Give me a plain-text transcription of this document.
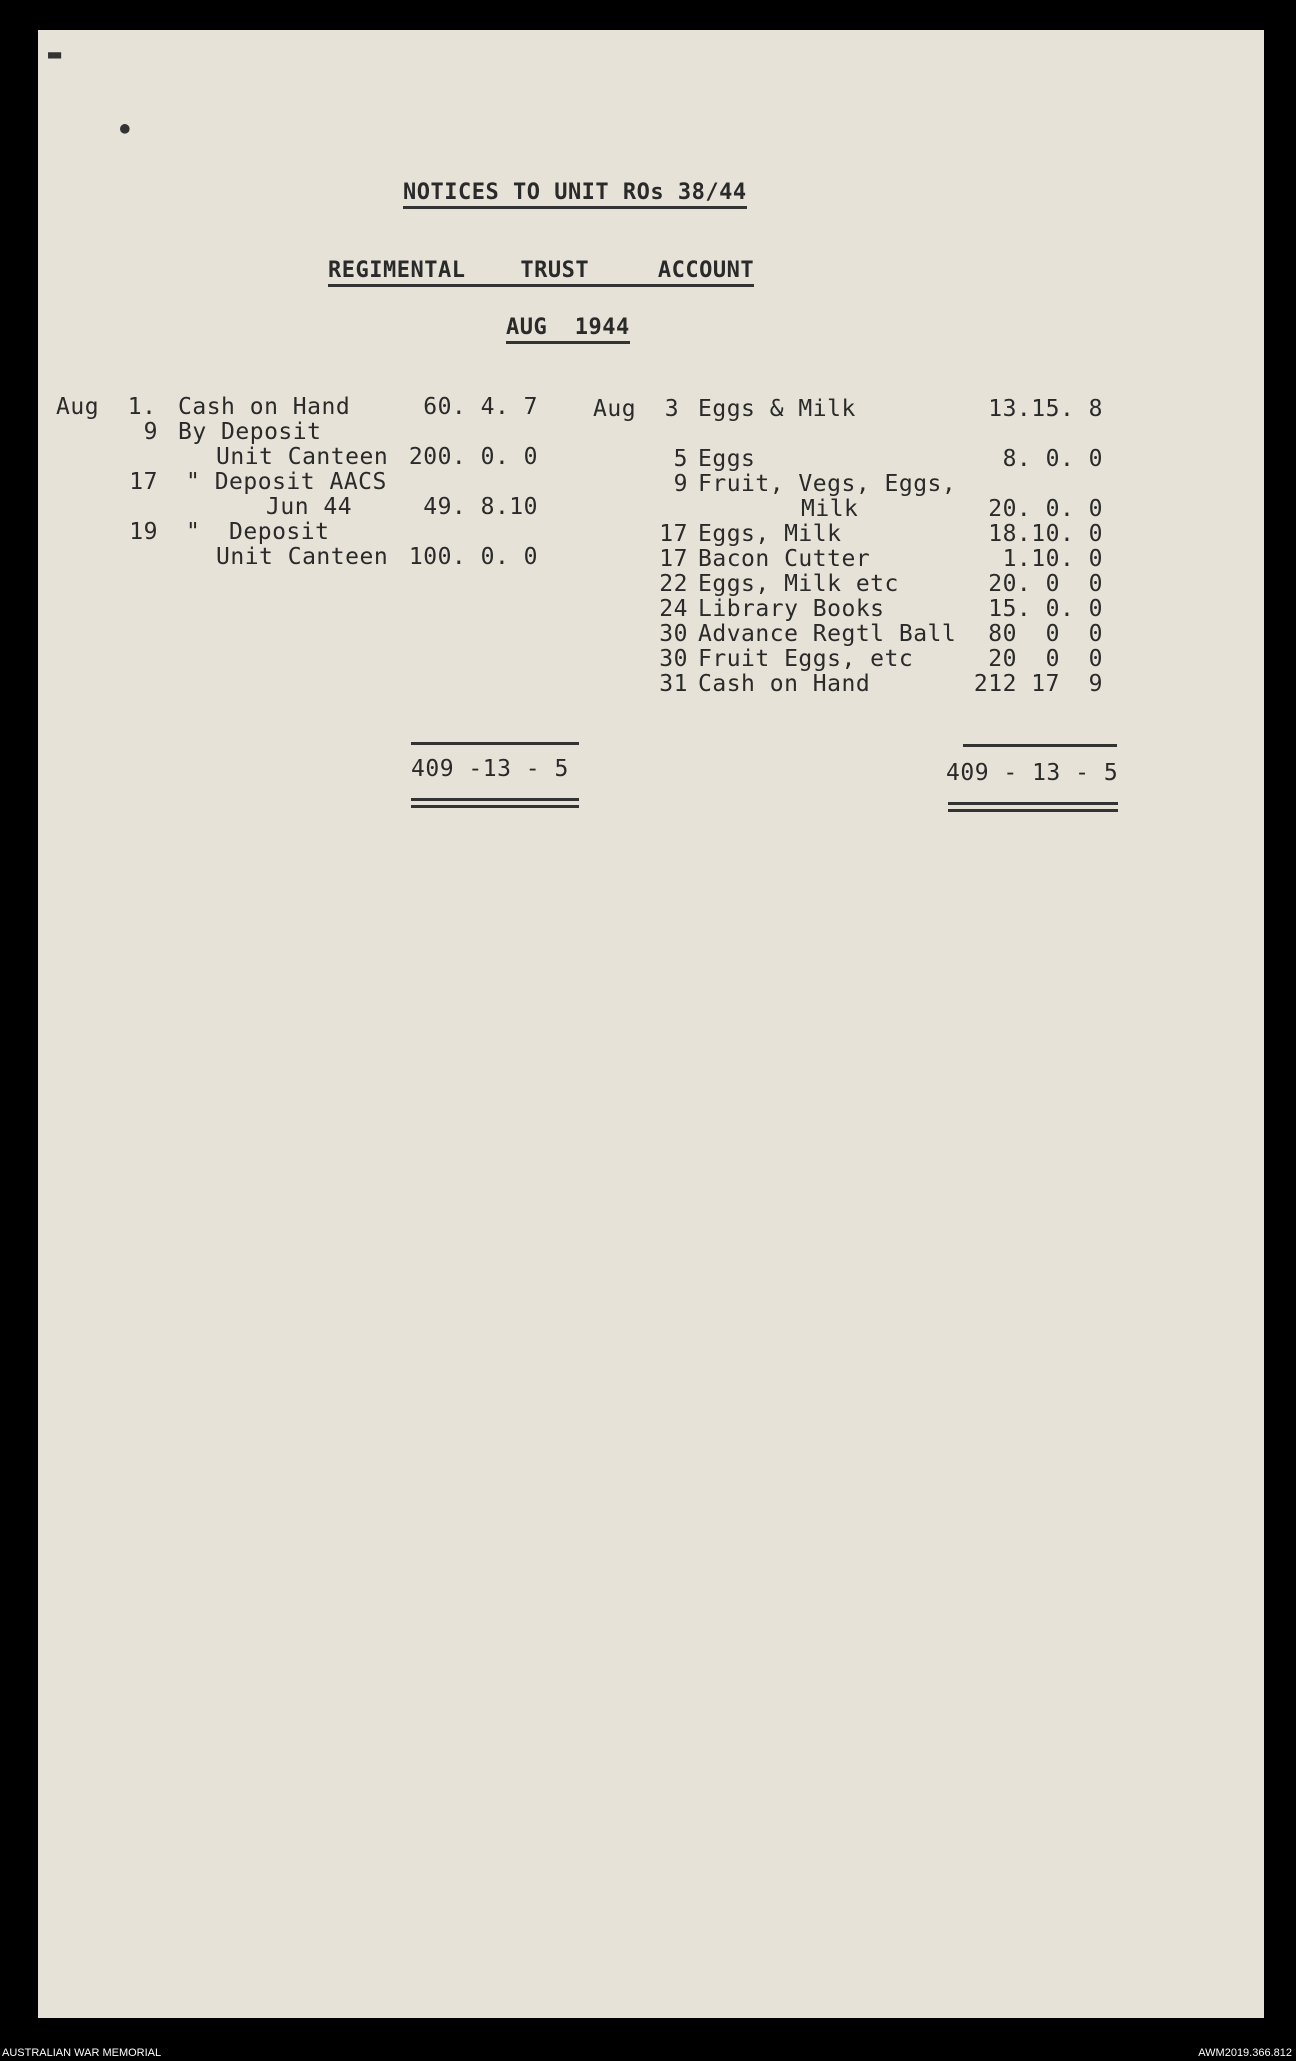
▬
●
NOTICES TO UNIT ROs 38/44
REGIMENTAL    TRUST     ACCOUNT
AUG  1944
Aug  1. Cash on Hand	60. 4. 7
9 By Deposit
Unit Canteen 200. 0. 0
17 " Deposit AACS
Jun 44	49. 8.10
19 "  Deposit
Unit Canteen 100. 0. 0
Aug  3 Eggs & Milk	13.15. 8
5 Eggs	8. 0. 0
9 Fruit, Vegs, Eggs,
Milk	20. 0. 0
17 Eggs, Milk	18.10. 0
17 Bacon Cutter	1.10. 0
22 Eggs, Milk etc	20. 0  0
24 Library Books	15. 0. 0
30 Advance Regtl Ball	80  0  0
30 Fruit Eggs, etc	20  0  0
31 Cash on Hand	212 17  9
409 -13 - 5	409 - 13 - 5
AUSTRALIAN WAR MEMORIAL	AWM2019.366.812
